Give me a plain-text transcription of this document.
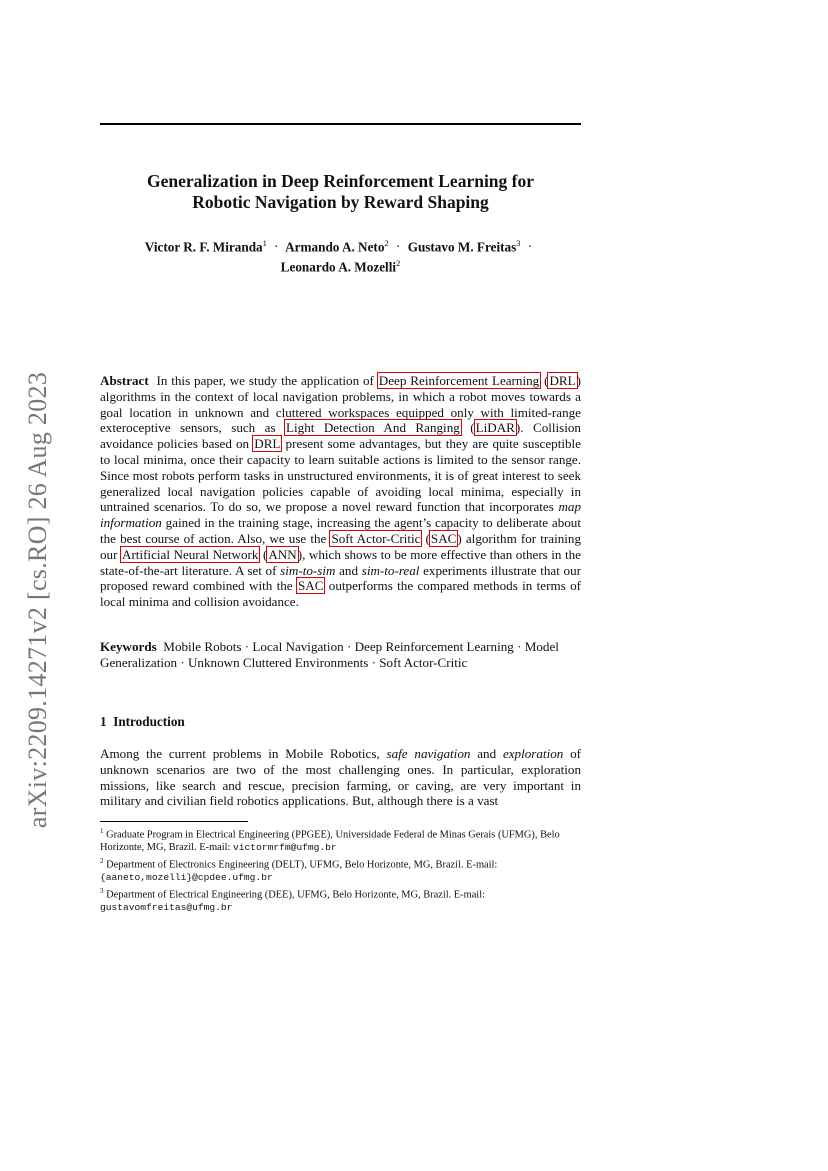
arXiv:2209.14271v2 [cs.RO] 26 Aug 2023
Generalization in Deep Reinforcement Learning for
Robotic Navigation by Reward Shaping
Victor R. F. Miranda$^1$ · Armando A. Neto$^2$ · Gustavo M. Freitas$^3$ ·
Leonardo A. Mozelli$^2$
Abstract In this paper, we study the application of Deep Reinforcement Learning (DRL) algorithms in the context of local navigation problems, in which a robot moves towards a goal location in unknown and cluttered workspaces equipped only with limited-range exteroceptive sensors, such as Light Detection And Ranging (LiDAR). Collision avoidance policies based on DRL present some advantages, but they are quite susceptible to local minima, once their capacity to learn suitable actions is limited to the sensor range. Since most robots perform tasks in unstructured environments, it is of great interest to seek generalized local navigation policies capable of avoiding local minima, especially in untrained scenarios. To do so, we propose a novel reward function that incorporates map information gained in the training stage, increasing the agent’s capacity to deliberate about the best course of action. Also, we use the Soft Actor-Critic (SAC) algorithm for training our Artificial Neural Network (ANN), which shows to be more effective than others in the state-of-the-art literature. A set of sim-to-sim and sim-to-real experiments illustrate that our proposed reward combined with the SAC outperforms the compared methods in terms of local minima and collision avoidance.
Keywords Mobile Robots · Local Navigation · Deep Reinforcement Learning · Model Generalization · Unknown Cluttered Environments · Soft Actor-Critic
1 Introduction
Among the current problems in Mobile Robotics, safe navigation and exploration of unknown scenarios are two of the most challenging ones. In particular, exploration missions, like search and rescue, precision farming, or caving, are very important in military and civilian field robotics applications. But, although there is a vast

$^1$ Graduate Program in Electrical Engineering (PPGEE), Universidade Federal de Minas Gerais (UFMG), Belo Horizonte, MG, Brazil. E-mail: victormrfm@ufmg.br

$^2$ Department of Electronics Engineering (DELT), UFMG, Belo Horizonte, MG, Brazil. E-mail: {aaneto,mozelli}@cpdee.ufmg.br

$^3$ Department of Electrical Engineering (DEE), UFMG, Belo Horizonte, MG, Brazil. E-mail: gustavomfreitas@ufmg.br
